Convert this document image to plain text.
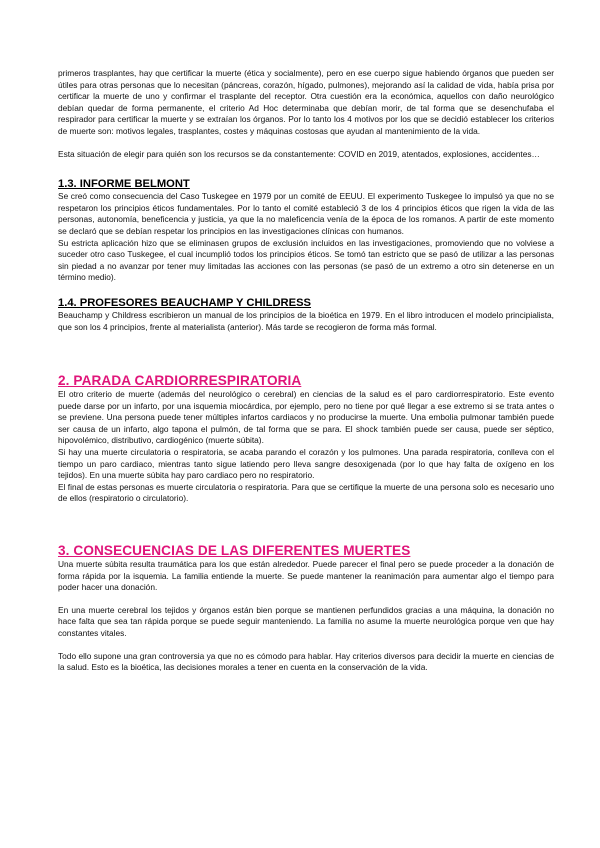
primeros trasplantes, hay que certificar la muerte (ética y socialmente), pero en ese cuerpo sigue habiendo órganos que pueden ser útiles para otras personas que lo necesitan (páncreas, corazón, hígado, pulmones), mejorando así la calidad de vida, había prisa por certificar la muerte de uno y confirmar el trasplante del receptor. Otra cuestión era la económica, aquellos con daño neurológico debían quedar de forma permanente, el criterio Ad Hoc determinaba que debían morir, de tal forma que se desenchufaba el respirador para certificar la muerte y se extraían los órganos. Por lo tanto los 4 motivos por los que se decidió establecer los criterios de muerte son: motivos legales, trasplantes, costes y máquinas costosas que ayudan al mantenimiento de la vida.

Esta situación de elegir para quién son los recursos se da constantemente: COVID en 2019, atentados, explosiones, accidentes…

1.3. INFORME BELMONT

Se creó como consecuencia del Caso Tuskegee en 1979 por un comité de EEUU. El experimento Tuskegee lo impulsó ya que no se respetaron los principios éticos fundamentales. Por lo tanto el comité estableció 3 de los 4 principios éticos que rigen la vida de las personas, autonomía, beneficencia y justicia, ya que la no maleficencia venía de la época de los romanos. A partir de este momento se declaró que se debían respetar los principios en las investigaciones clínicas con humanos.

Su estricta aplicación hizo que se eliminasen grupos de exclusión incluidos en las investigaciones, promoviendo que no volviese a suceder otro caso Tuskegee, el cual incumplió todos los principios éticos. Se tomó tan estricto que se pasó de utilizar a las personas sin piedad a no avanzar por tener muy limitadas las acciones con las personas (se pasó de un extremo a otro sin detenerse en un término medio).

1.4. PROFESORES BEAUCHAMP Y CHILDRESS

Beauchamp y Childress escribieron un manual de los principios de la bioética en 1979. En el libro introducen el modelo principialista, que son los 4 principios, frente al materialista (anterior). Más tarde se recogieron de forma más formal.

2. PARADA CARDIORRESPIRATORIA

El otro criterio de muerte (además del neurológico o cerebral) en ciencias de la salud es el paro cardiorrespiratorio. Este evento puede darse por un infarto, por una isquemia miocárdica, por ejemplo, pero no tiene por qué llegar a ese extremo si se trata antes o se previene. Una persona puede tener múltiples infartos cardiacos y no producirse la muerte. Una embolia pulmonar también puede ser causa de un infarto, algo tapona el pulmón, de tal forma que se para. El shock también puede ser causa, puede ser séptico, hipovolémico, distributivo, cardiogénico (muerte súbita).

Si hay una muerte circulatoria o respiratoria, se acaba parando el corazón y los pulmones. Una parada respiratoria, conlleva con el tiempo un paro cardiaco, mientras tanto sigue latiendo pero lleva sangre desoxigenada (por lo que hay falta de oxígeno en los tejidos). En una muerte súbita hay paro cardiaco pero no respiratorio.

El final de estas personas es muerte circulatoria o respiratoria. Para que se certifique la muerte de una persona solo es necesario uno de ellos (respiratorio o circulatorio).

3. CONSECUENCIAS DE LAS DIFERENTES MUERTES

Una muerte súbita resulta traumática para los que están alrededor. Puede parecer el final pero se puede proceder a la donación de forma rápida por la isquemia. La familia entiende la muerte. Se puede mantener la reanimación para aumentar algo el tiempo para poder hacer una donación.

En una muerte cerebral los tejidos y órganos están bien porque se mantienen perfundidos gracias a una máquina, la donación no hace falta que sea tan rápida porque se puede seguir manteniendo. La familia no asume la muerte neurológica porque ven que hay constantes vitales.

Todo ello supone una gran controversia ya que no es cómodo para hablar. Hay criterios diversos para decidir la muerte en ciencias de la salud. Esto es la bioética, las decisiones morales a tener en cuenta en la conservación de la vida.
